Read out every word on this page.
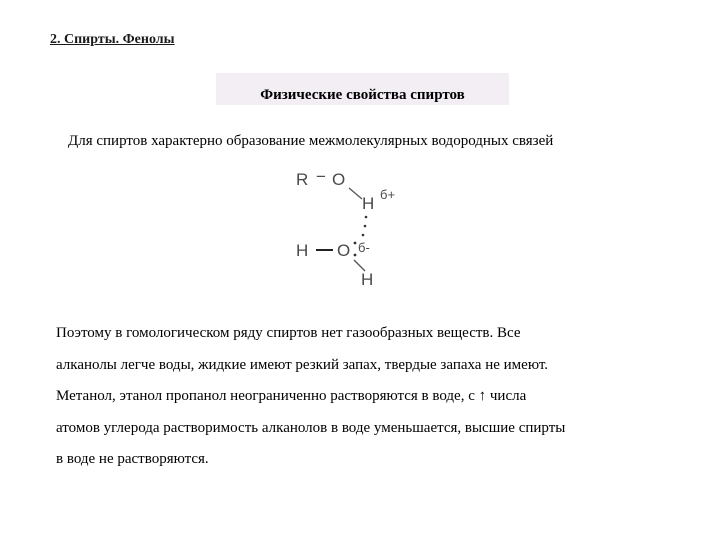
2. Спирты. Фенолы
Физические свойства спиртов
Для спиртов характерно образование межмолекулярных водородных связей
R − O
H б+
H O б-
H
Поэтому в гомологическом ряду спиртов нет газообразных веществ. Все
алканолы легче воды, жидкие имеют резкий запах, твердые запаха не имеют.
Метанол, этанол пропанол неограниченно растворяются в воде, с ↑ числа
атомов углерода растворимость алканолов в воде уменьшается, высшие спирты
в воде не растворяются.
